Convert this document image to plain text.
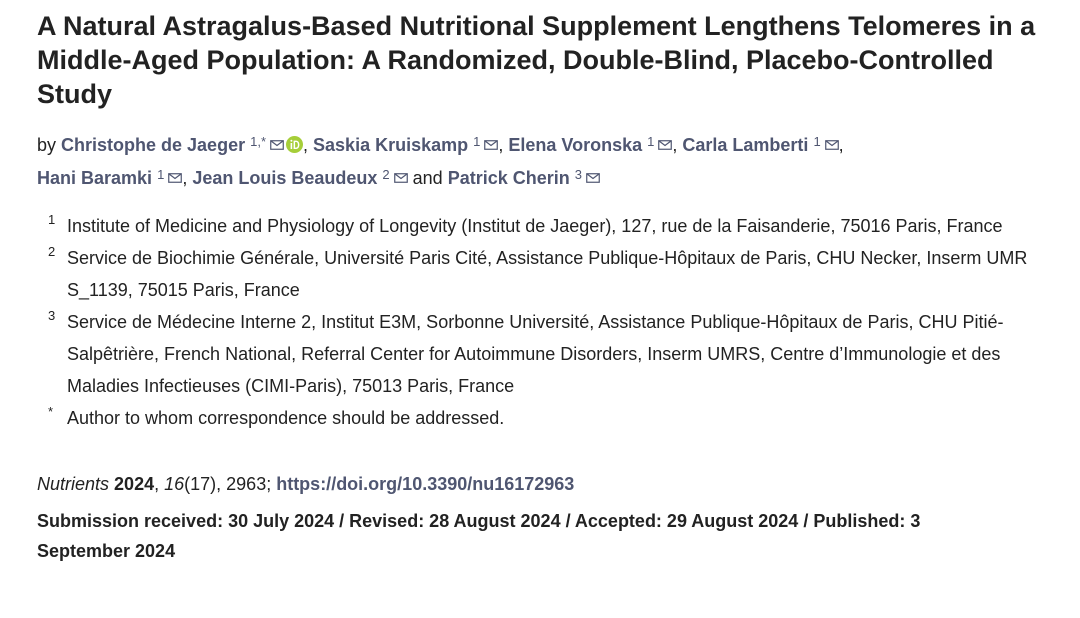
A Natural Astragalus-Based Nutritional Supplement Lengthens Telomeres in a Middle-Aged Population: A Randomized, Double-Blind, Placebo-Controlled Study
by Christophe de Jaeger $^{1,*}$ , Saskia Kruiskamp $^1$ , Elena Voronska $^1$ , Carla Lamberti $^1$ ,
Hani Baramki $^1$ , Jean Louis Beaudeux $^2$ and Patrick Cherin $^3$
1 Institute of Medicine and Physiology of Longevity (Institut de Jaeger), 127, rue de la Faisanderie, 75016 Paris, France
2 Service de Biochimie Générale, Université Paris Cité, Assistance Publique-Hôpitaux de Paris, CHU Necker, Inserm UMR S_1139, 75015 Paris, France
3 Service de Médecine Interne 2, Institut E3M, Sorbonne Université, Assistance Publique-Hôpitaux de Paris, CHU Pitié-Salpêtrière, French National, Referral Center for Autoimmune Disorders, Inserm UMRS, Centre d’Immunologie et des Maladies Infectieuses (CIMI-Paris), 75013 Paris, France
* Author to whom correspondence should be addressed.
Nutrients 2024, 16(17), 2963; https://doi.org/10.3390/nu16172963
Submission received: 30 July 2024 / Revised: 28 August 2024 / Accepted: 29 August 2024 / Published: 3 September 2024
